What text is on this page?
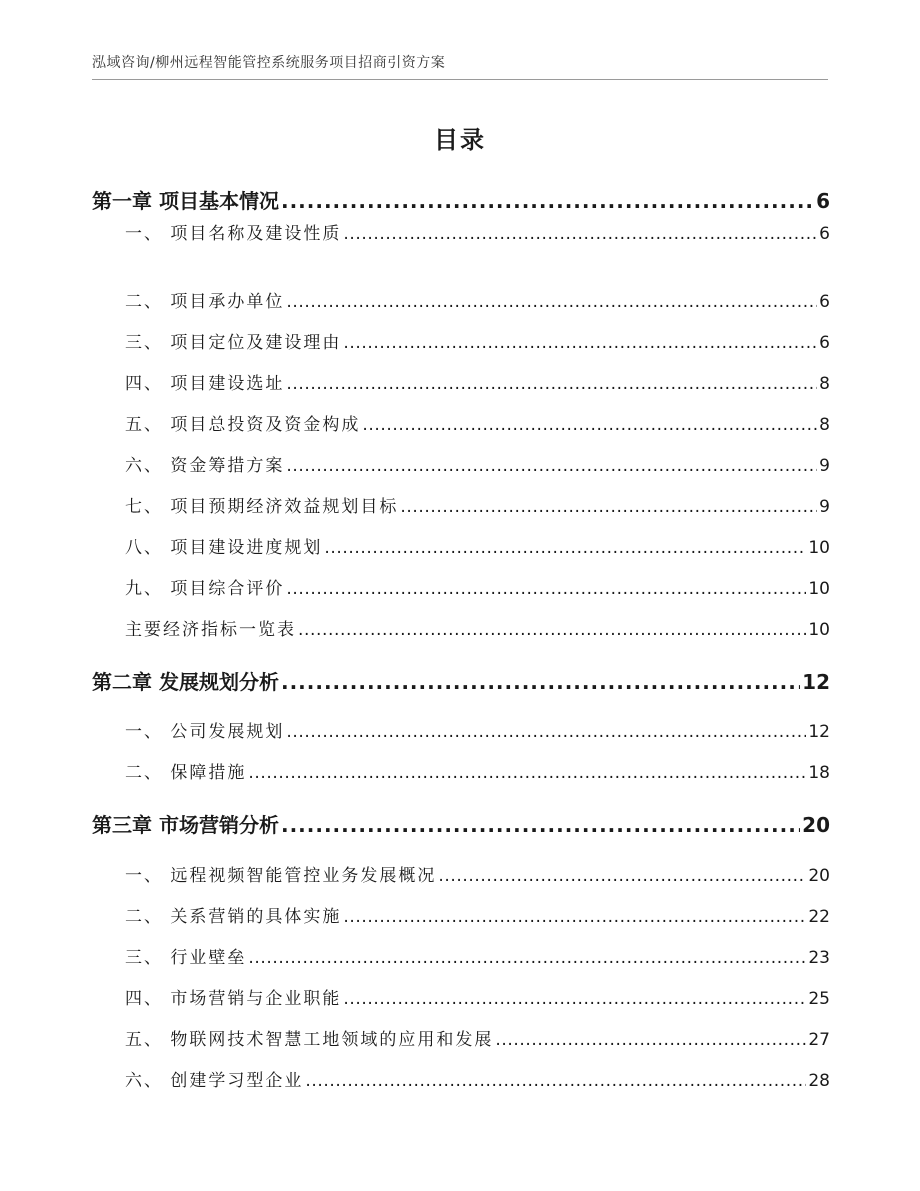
泓域咨询/柳州远程智能管控系统服务项目招商引资方案
目录
第一章 项目基本情况 .....	6
一、 项目名称及建设性质 .....	6
二、 项目承办单位 .....	6
三、 项目定位及建设理由 .....	6
四、 项目建设选址 .....	8
五、 项目总投资及资金构成 .....	8
六、 资金筹措方案 .....	9
七、 项目预期经济效益规划目标 .....	9
八、 项目建设进度规划 .....	10
九、 项目综合评价 .....	10
主要经济指标一览表 .....	10
第二章 发展规划分析 .....	12
一、 公司发展规划 .....	12
二、 保障措施 .....	18
第三章 市场营销分析 .....	20
一、 远程视频智能管控业务发展概况 .....	20
二、 关系营销的具体实施 .....	22
三、 行业壁垒 .....	23
四、 市场营销与企业职能 .....	25
五、 物联网技术智慧工地领域的应用和发展 .....	27
六、 创建学习型企业 .....	28
